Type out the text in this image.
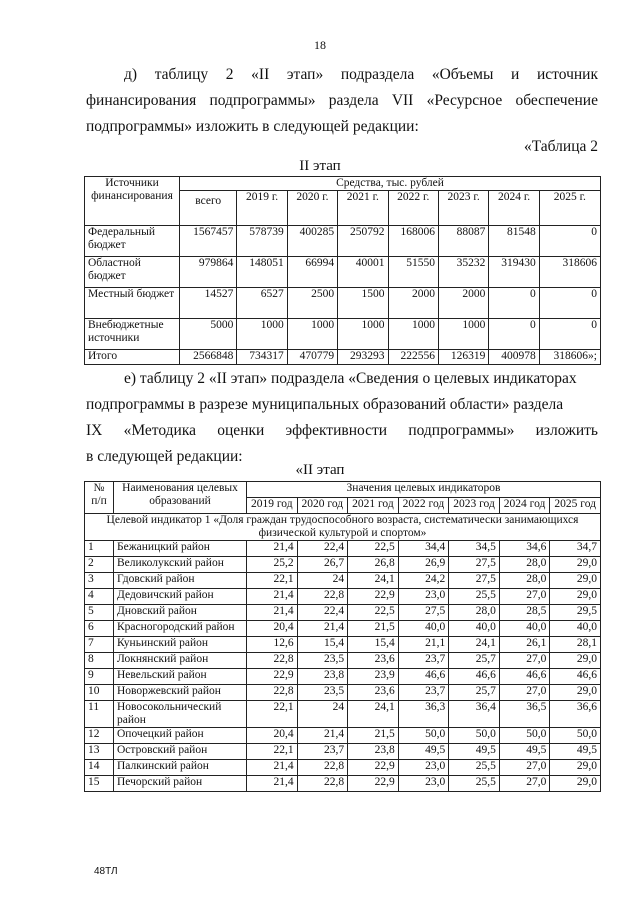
18
д) таблицу 2 «II этап» подраздела «Объемы и источник
финансирования подпрограммы» раздела VII «Ресурсное обеспечение
подпрограммы» изложить в следующей редакции:
«Таблица 2
II этап
Источники финансирования	Средства, тыс. рублей							
	всего	2019 г.	2020 г.	2021 г.	2022 г.	2023 г.	2024 г.	2025 г.
Федеральный бюджет	1567457	578739	400285	250792	168006	88087	81548	0
Областной бюджет	979864	148051	66994	40001	51550	35232	319430	318606
Местный бюджет	14527	6527	2500	1500	2000	2000	0	0
Внебюджетные источники	5000	1000	1000	1000	1000	1000	0	0
Итого	2566848	734317	470779	293293	222556	126319	400978	318606»;
е) таблицу 2 «II этап» подраздела «Сведения о целевых индикаторах
подпрограммы в разрезе муниципальных образований области» раздела
IX «Методика оценки эффективности подпрограммы» изложить
в следующей редакции:
«II этап
№ п/п	Наименования целевых образований	Значения целевых индикаторов						
		2019 год	2020 год	2021 год	2022 год	2023 год	2024 год	2025 год
Целевой индикатор 1 «Доля граждан трудоспособного возраста, систематически занимающихся физической культурой и спортом»								
1	Бежаницкий район	21,4	22,4	22,5	34,4	34,5	34,6	34,7
2	Великолукский район	25,2	26,7	26,8	26,9	27,5	28,0	29,0
3	Гдовский район	22,1	24	24,1	24,2	27,5	28,0	29,0
4	Дедовичский район	21,4	22,8	22,9	23,0	25,5	27,0	29,0
5	Дновский район	21,4	22,4	22,5	27,5	28,0	28,5	29,5
6	Красногородский район	20,4	21,4	21,5	40,0	40,0	40,0	40,0
7	Куньинский район	12,6	15,4	15,4	21,1	24,1	26,1	28,1
8	Локнянский район	22,8	23,5	23,6	23,7	25,7	27,0	29,0
9	Невельский район	22,9	23,8	23,9	46,6	46,6	46,6	46,6
10	Новоржевский район	22,8	23,5	23,6	23,7	25,7	27,0	29,0
11	Новосокольнический район	22,1	24	24,1	36,3	36,4	36,5	36,6
12	Опочецкий район	20,4	21,4	21,5	50,0	50,0	50,0	50,0
13	Островский район	22,1	23,7	23,8	49,5	49,5	49,5	49,5
14	Палкинский район	21,4	22,8	22,9	23,0	25,5	27,0	29,0
15	Печорский район	21,4	22,8	22,9	23,0	25,5	27,0	29,0
48ТЛ
